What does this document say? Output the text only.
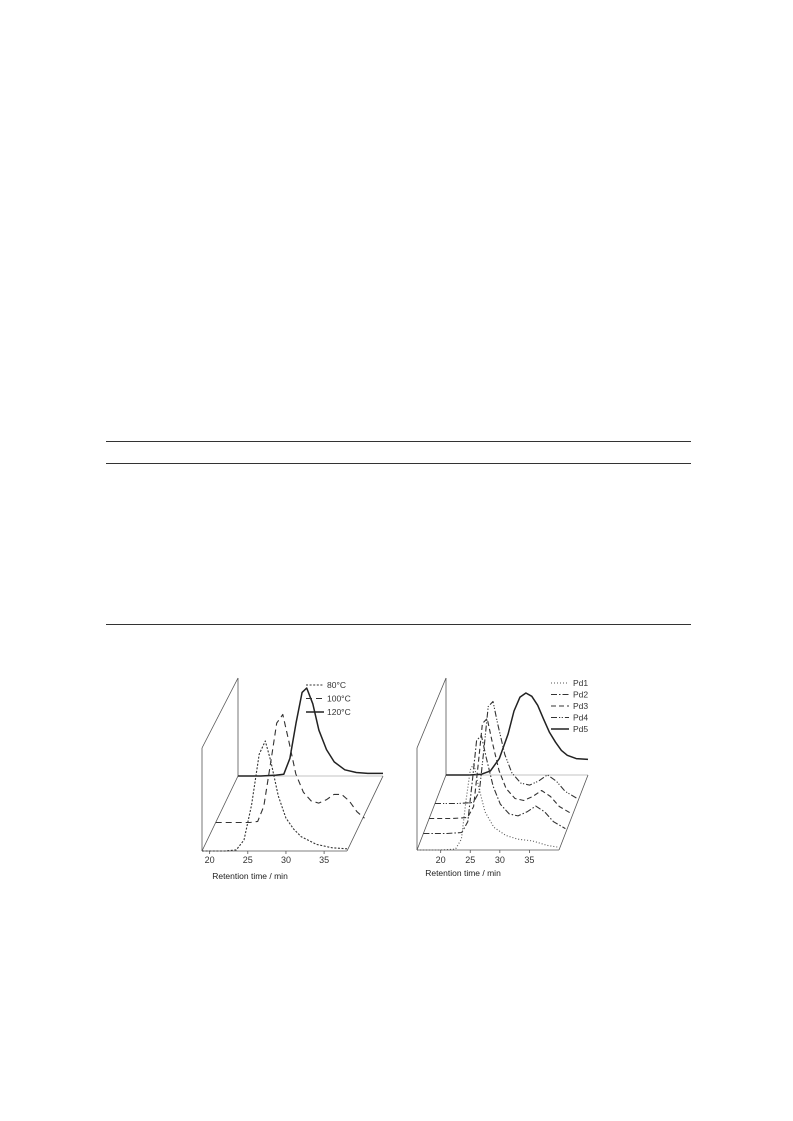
20	25	30	35
Retention time / min
80°C
100°C
120°C
20 25 30 35
Retention time / min
Pd1
Pd2
Pd3
Pd4
Pd5
